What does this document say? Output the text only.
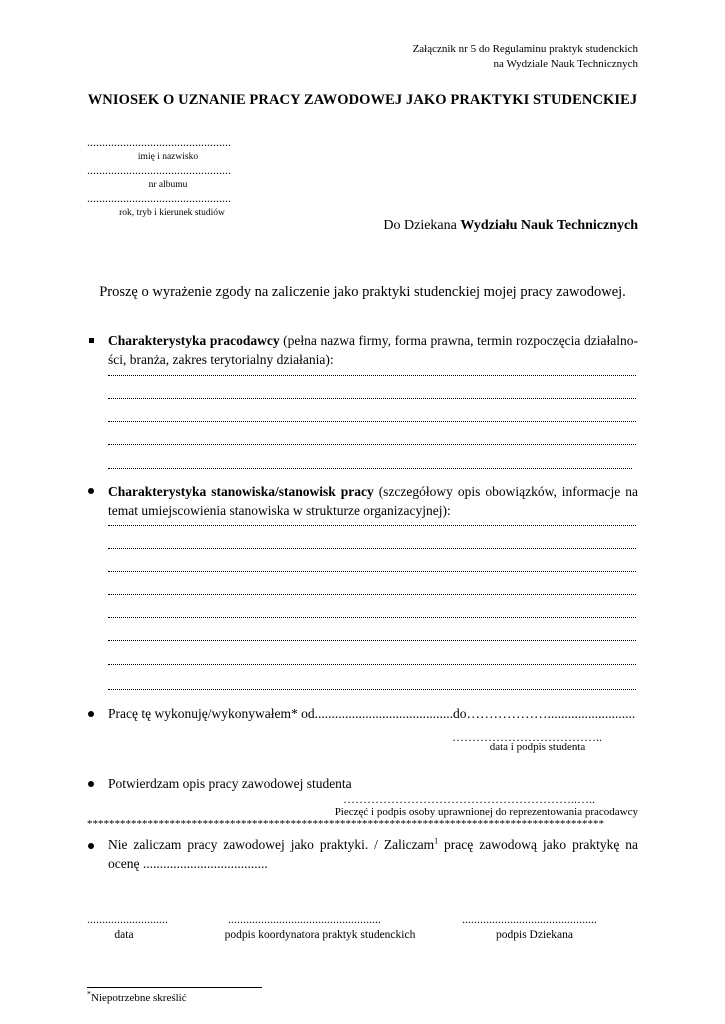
Załącznik nr 5 do Regulaminu praktyk studenckich
na Wydziale Nauk Technicznych
WNIOSEK O UZNANIE PRACY ZAWODOWEJ JAKO PRAKTYKI STUDENCKIEJ
................................................
imię i nazwisko
................................................
nr albumu
................................................
rok, tryb i kierunek studiów
Do Dziekana Wydziału Nauk Technicznych
Proszę o wyrażenie zgody na zaliczenie jako praktyki studenckiej mojej pracy zawodowej.
Charakterystyka pracodawcy (pełna nazwa firmy, forma prawna, termin rozpoczęcia działalno-
ści, branża, zakres terytorialny działania):
Charakterystyka stanowiska/stanowisk pracy (szczegółowy opis obowiązków, informacje na
temat umiejscowienia stanowiska w strukturze organizacyjnej):
Pracę tę wykonuję/wykonywałem* od.........................................do………………..........................
………………………………..
data i podpis studenta
Potwierdzam opis pracy zawodowej studenta
…………………………………………………..…..
Pieczęć i podpis osoby uprawnionej do reprezentowania pracodawcy
**********************************************************************************************
Nie zaliczam pracy zawodowej jako praktyki. / Zaliczam$^1$ pracę zawodową jako praktykę na
ocenę .....................................
...........................
data
...................................................
podpis koordynatora praktyk studenckich
.............................................
podpis Dziekana
*Niepotrzebne skreślić
